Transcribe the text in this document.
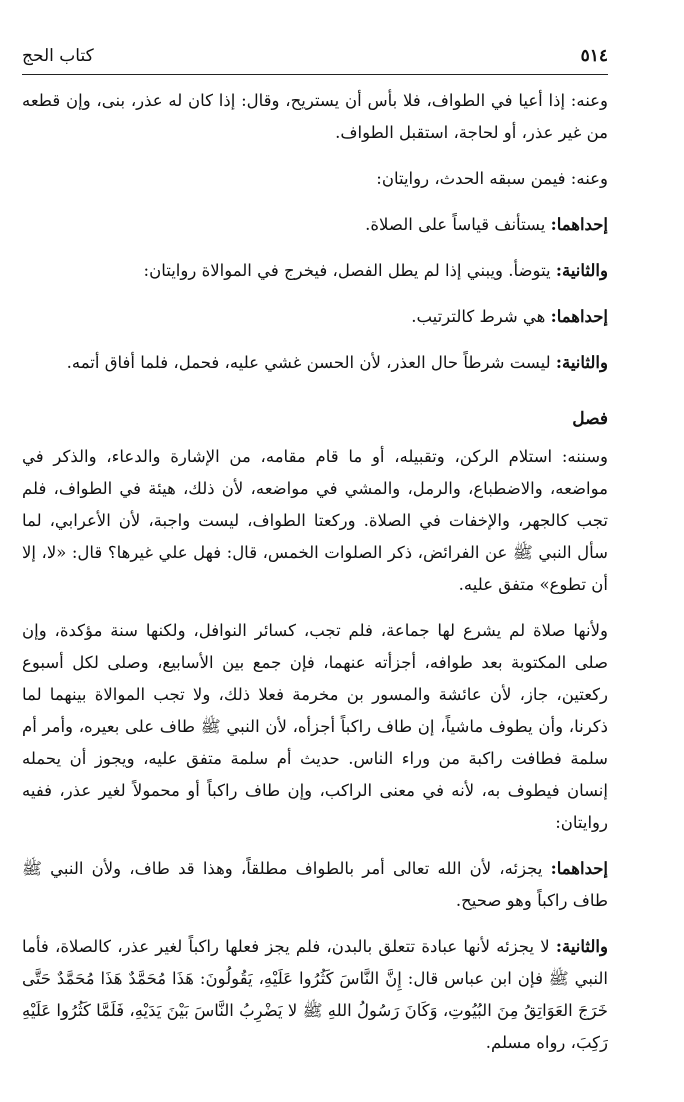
٥١٤
كتاب الحج

وعنه: إذا أعيا في الطواف، فلا بأس أن يستريح، وقال: إذا كان له عذر، بنى، وإن قطعه من غير عذر، أو لحاجة، استقبل الطواف.

وعنه: فيمن سبقه الحدث، روايتان:

إحداهما: يستأنف قياساً على الصلاة.

والثانية: يتوضأ. ويبني إذا لم يطل الفصل، فيخرج في الموالاة روايتان:

إحداهما: هي شرط كالترتيب.

والثانية: ليست شرطاً حال العذر، لأن الحسن غشي عليه، فحمل، فلما أفاق أتمه.

فصل

وسننه: استلام الركن، وتقبيله، أو ما قام مقامه، من الإشارة والدعاء، والذكر في مواضعه، والاضطباع، والرمل، والمشي في مواضعه، لأن ذلك، هيئة في الطواف، فلم تجب كالجهر، والإخفات في الصلاة. وركعتا الطواف، ليست واجبة، لأن الأعرابي، لما سأل النبي ﷺ عن الفرائض، ذكر الصلوات الخمس، قال: فهل علي غيرها؟ قال: «لا، إلا أن تطوع» متفق عليه.

ولأنها صلاة لم يشرع لها جماعة، فلم تجب، كسائر النوافل، ولكنها سنة مؤكدة، وإن صلى المكتوبة بعد طوافه، أجزأته عنهما، فإن جمع بين الأسابيع، وصلى لكل أسبوع ركعتين، جاز، لأن عائشة والمسور بن مخرمة فعلا ذلك، ولا تجب الموالاة بينهما لما ذكرنا، وأن يطوف ماشياً، إن طاف راكباً أجزأه، لأن النبي ﷺ طاف على بعيره، وأمر أم سلمة فطافت راكبة من وراء الناس. حديث أم سلمة متفق عليه، ويجوز أن يحمله إنسان فيطوف به، لأنه في معنى الراكب، وإن طاف راكباً أو محمولاً لغير عذر، ففيه روايتان:

إحداهما: يجزئه، لأن الله تعالى أمر بالطواف مطلقاً، وهذا قد طاف، ولأن النبي ﷺ طاف راكباً وهو صحيح.

والثانية: لا يجزئه لأنها عبادة تتعلق بالبدن، فلم يجز فعلها راكباً لغير عذر، كالصلاة، فأما النبي ﷺ فإن ابن عباس قال: إِنَّ النَّاسَ كَثُرُوا عَلَيْهِ، يَقُولُونَ: هَذَا مُحَمَّدٌ هَذَا مُحَمَّدٌ حَتَّى خَرَجَ العَوَاتِقُ مِنَ البُيُوتِ، وَكَانَ رَسُولُ اللهِ ﷺ لا يَضْرِبُ النَّاسَ بَيْنَ يَدَيْهِ، فَلَمَّا كَثُرُوا عَلَيْهِ رَكِبَ، رواه مسلم.
